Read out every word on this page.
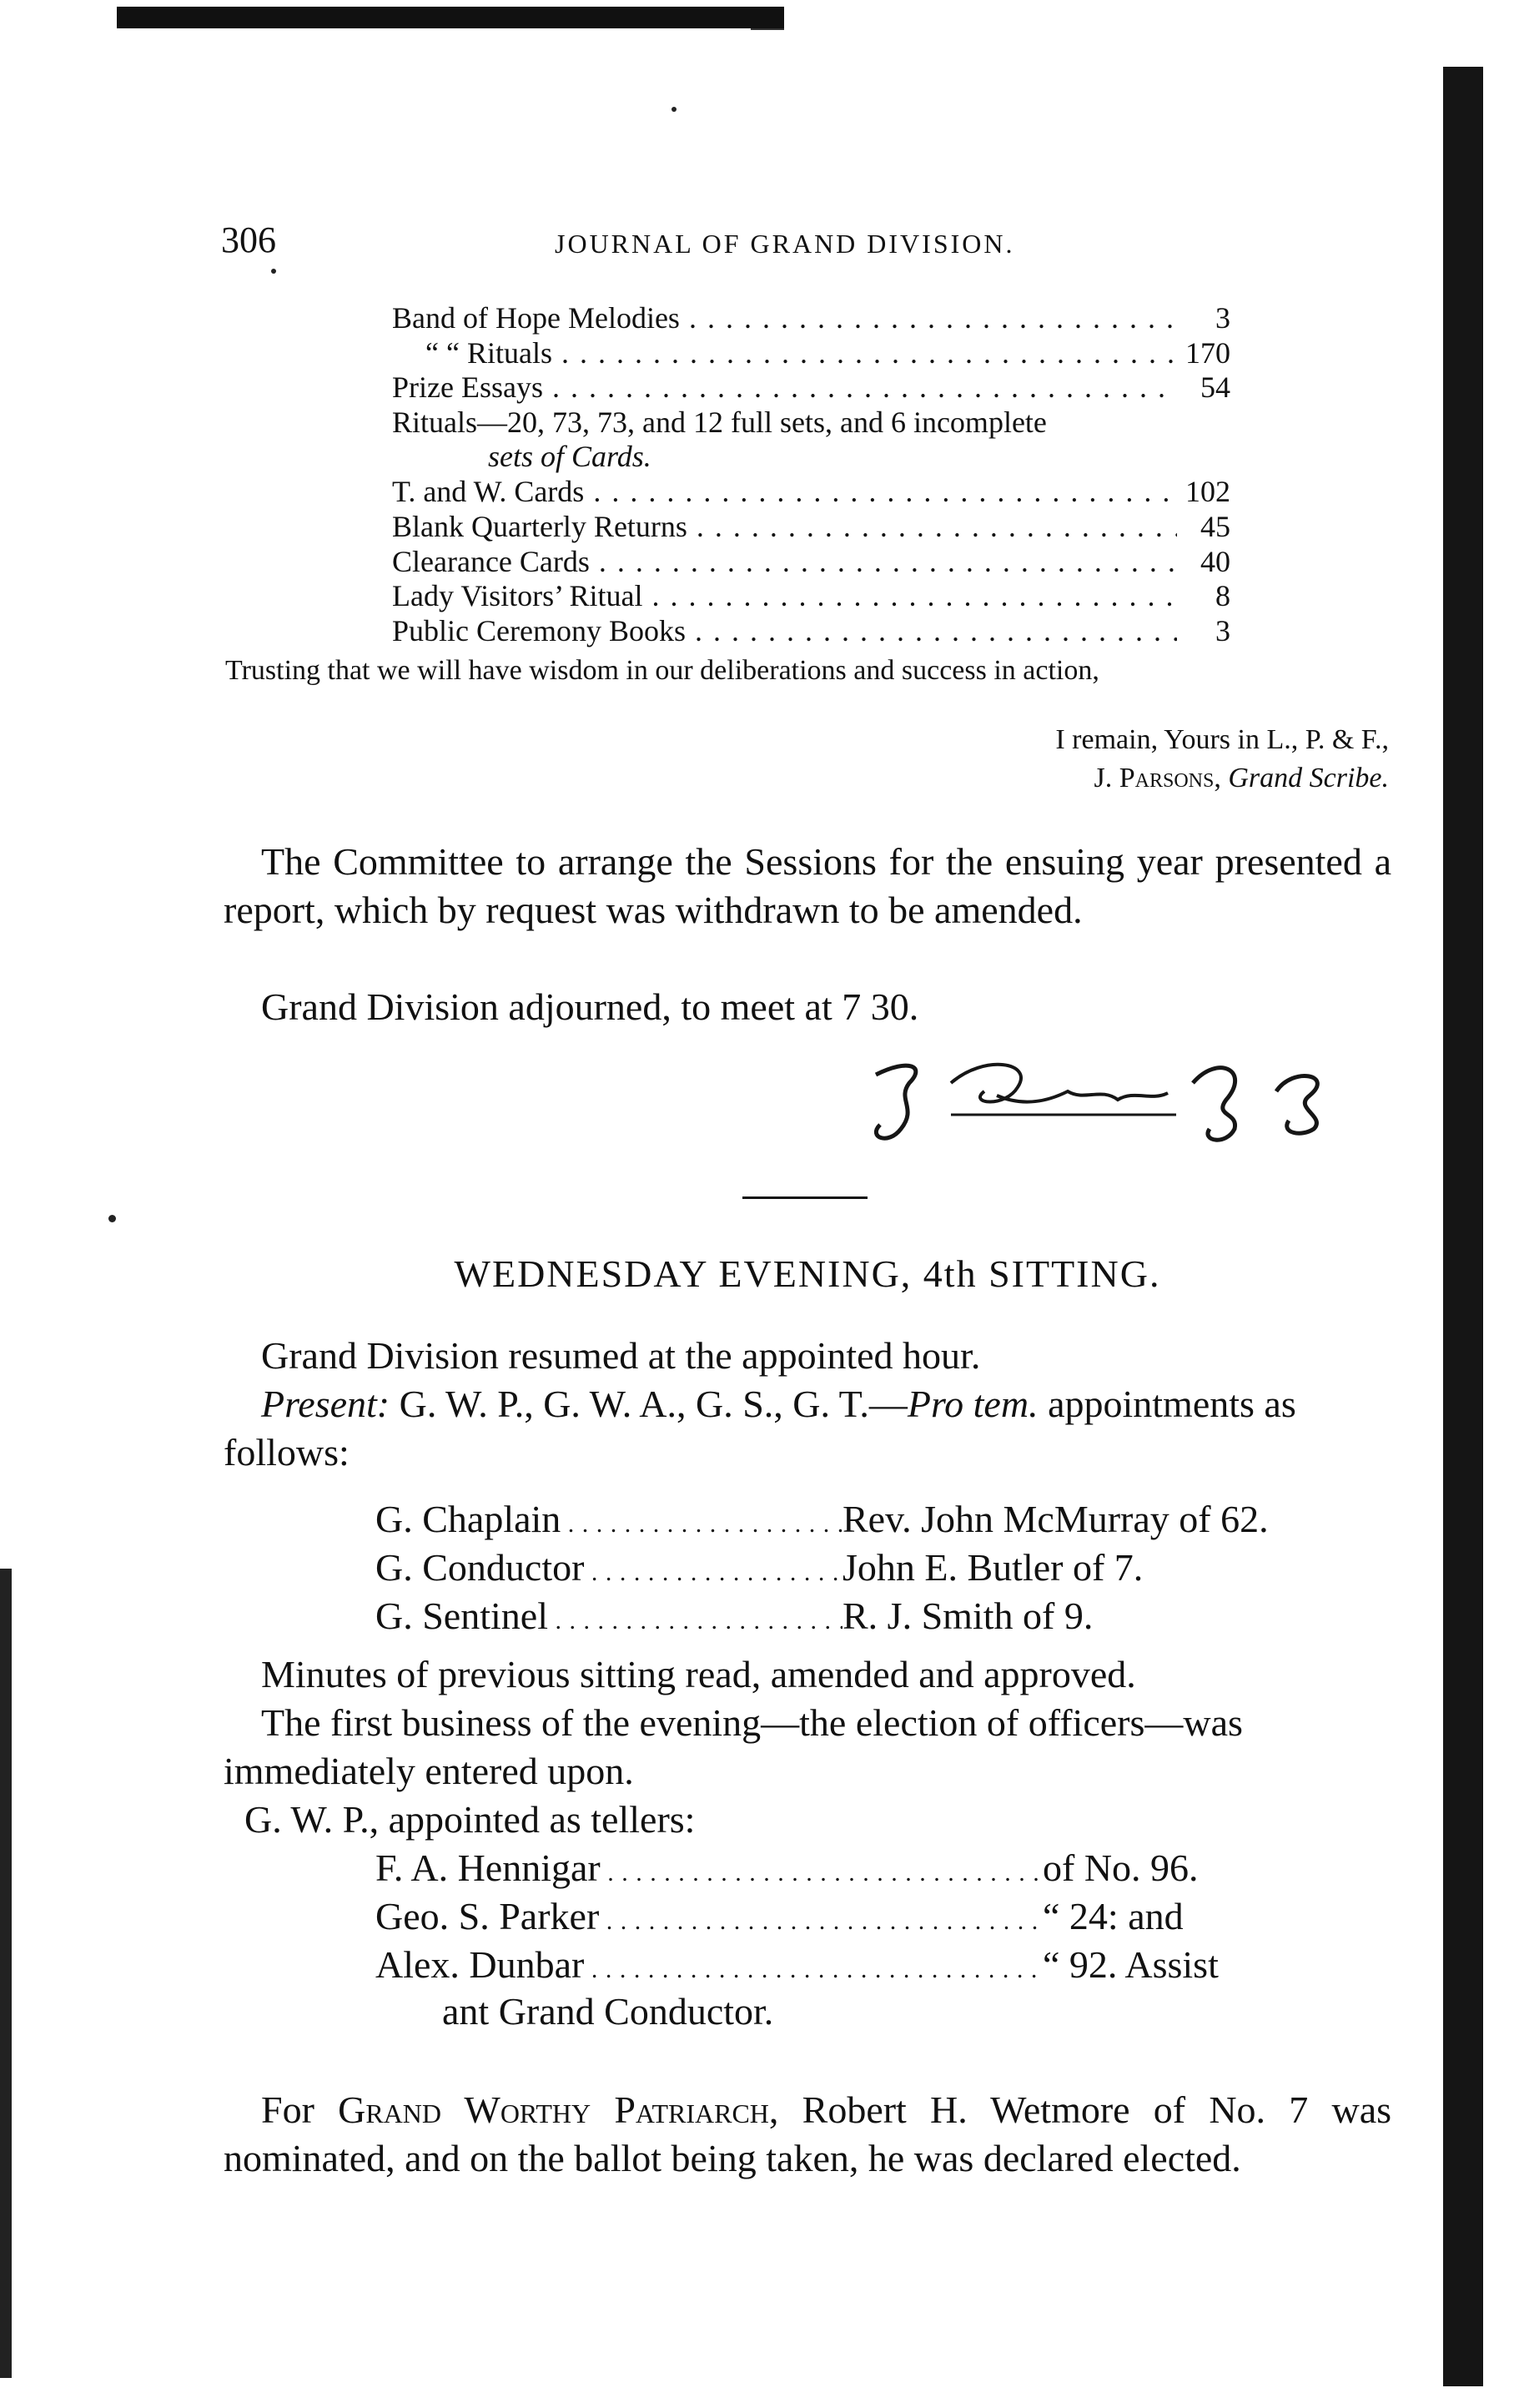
306	JOURNAL OF GRAND DIVISION.
Band of Hope Melodies . . .	3
“ “ Rituals . . .	170
Prize Essays . . .	54
Rituals—20, 73, 73, and 12 full sets, and 6 incomplete
sets of Cards.
T. and W. Cards . . .	102
Blank Quarterly Returns . . .	45
Clearance Cards . . .	40
Lady Visitors’ Ritual . . .	8
Public Ceremony Books . . .	3
Trusting that we will have wisdom in our deliberations and success in action,
I remain, Yours in L., P. & F.,
J. Parsons, Grand Scribe.
The Committee to arrange the Sessions for the ensuing year presented a report, which by request was withdrawn to be amended.
Grand Division adjourned, to meet at 7 30.
WEDNESDAY EVENING, 4th SITTING.
Grand Division resumed at the appointed hour.
Present: G. W. P., G. W. A., G. S., G. T.—Pro tem. appointments as follows:
G. Chaplain . . .	Rev. John McMurray of 62.
G. Conductor . . .	John E. Butler of 7.
G. Sentinel . . .	R. J. Smith of 9.
Minutes of previous sitting read, amended and approved.
The first business of the evening—the election of officers—was immediately entered upon.
G. W. P., appointed as tellers:
F. A. Hennigar . . .	of No. 96.
Geo. S. Parker . . .	“ 24: and
Alex. Dunbar . . .	“ 92. Assist
ant Grand Conductor.
For Grand Worthy Patriarch, Robert H. Wetmore of No. 7 was nominated, and on the ballot being taken, he was declared elected.
